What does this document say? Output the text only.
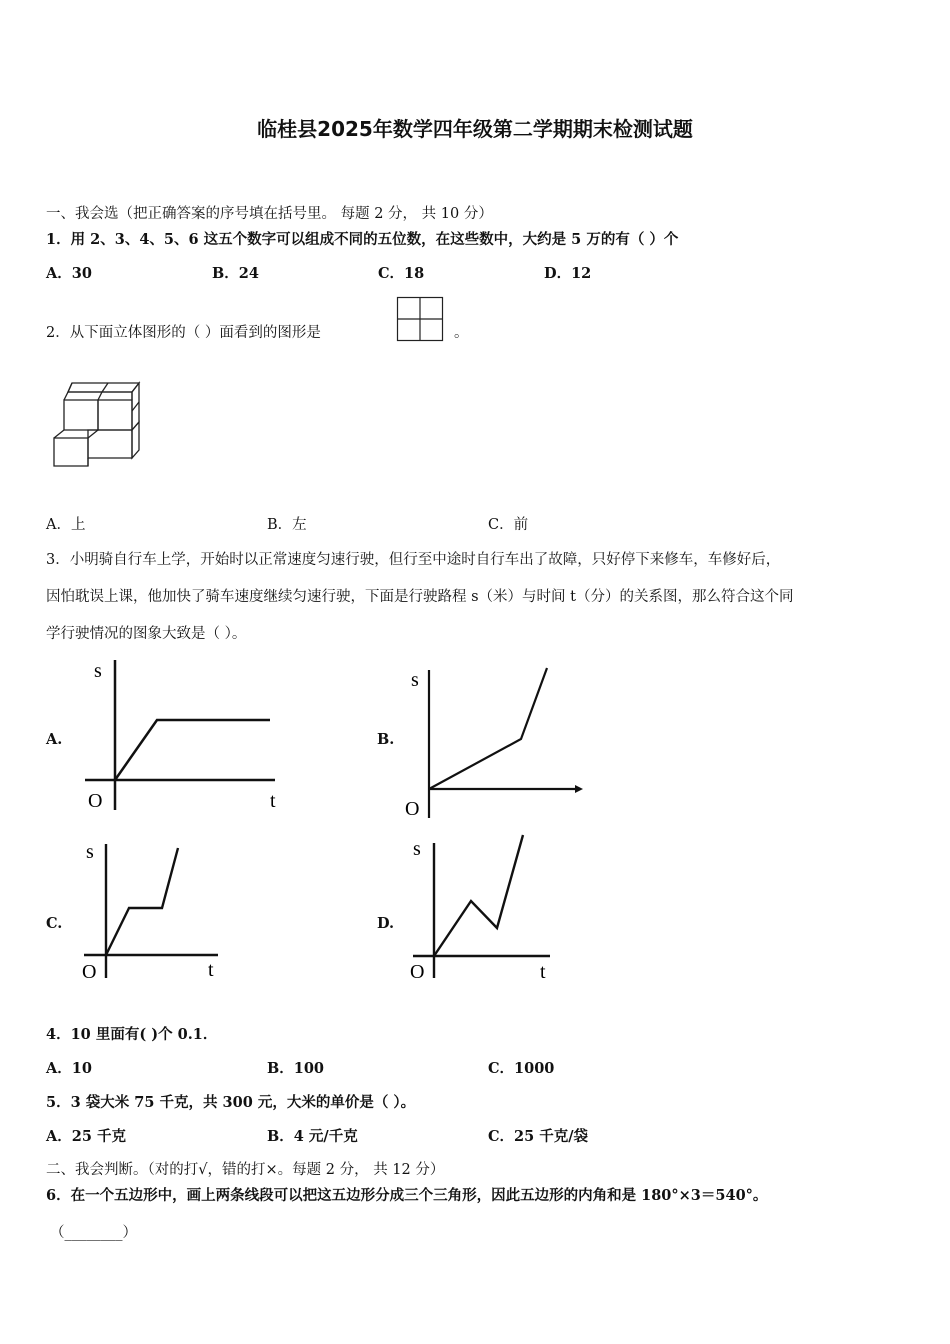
临桂县2025年数学四年级第二学期期末检测试题
一、我会选（把正确答案的序号填在括号里。 每题 2 分， 共 10 分）
1．用 2、3、4、5、6 这五个数字可以组成不同的五位数，在这些数中，大约是 5 万的有（ ）个
A．30	B．24	C．18	D．12
2．从下面立体图形的（ ）面看到的图形是	。
A．上	B．左	C．前
3．小明骑自行车上学，开始时以正常速度匀速行驶，但行至中途时自行车出了故障，只好停下来修车，车修好后，
因怕耽误上课，他加快了骑车速度继续匀速行驶，下面是行驶路程 s（米）与时间 t（分）的关系图，那么符合这个同
学行驶情况的图象大致是（ ）。
A.
s
O	t
B.
s
O
C.
s
O	t
D.
s
O	t
4．10 里面有( )个 0.1．
A．10	B．100	C．1000
5．3 袋大米 75 千克，共 300 元，大米的单价是（ ）。
A．25 千克	B．4 元/千克	C．25 千克/袋
二、我会判断。（对的打√，错的打×。每题 2 分， 共 12 分）
6．在一个五边形中，画上两条线段可以把这五边形分成三个三角形，因此五边形的内角和是 180°×3＝540°。
（________）
